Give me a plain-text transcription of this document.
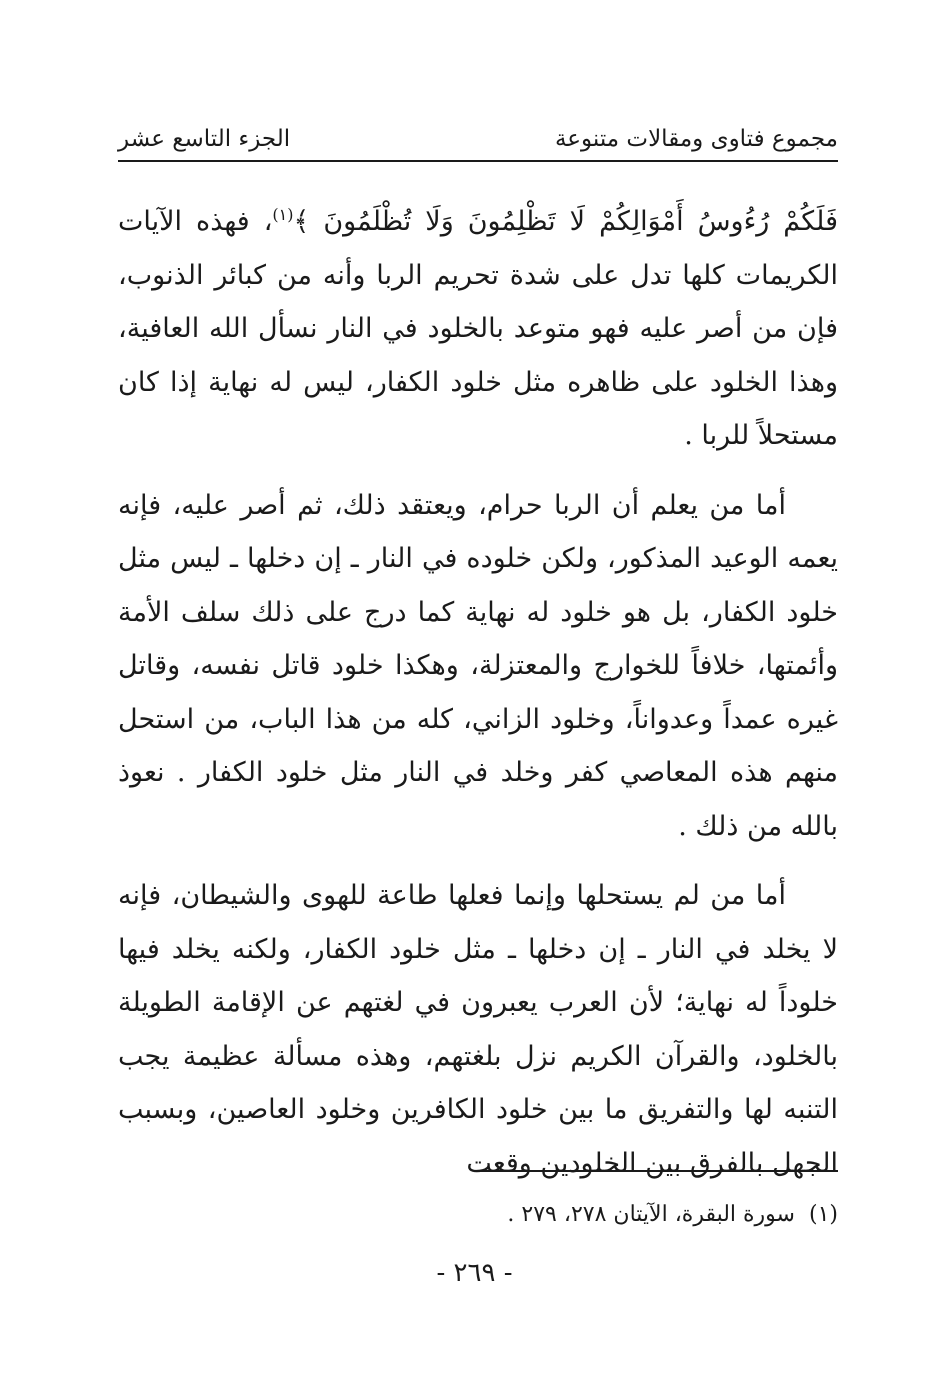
مجموع فتاوى ومقالات متنوعة
الجزء التاسع عشر

فَلَكُمْ رُءُوسُ أَمْوَالِكُمْ لَا تَظْلِمُونَ وَلَا تُظْلَمُونَ ﴾$^{(١)}$، فهذه الآيات الكريمات كلها تدل على شدة تحريم الربا وأنه من كبائر الذنوب، فإن من أصر عليه فهو متوعد بالخلود في النار نسأل الله العافية، وهذا الخلود على ظاهره مثل خلود الكفار، ليس له نهاية إذا كان مستحلاً للربا .

أما من يعلم أن الربا حرام، ويعتقد ذلك، ثم أصر عليه، فإنه يعمه الوعيد المذكور، ولكن خلوده في النار ـ إن دخلها ـ ليس مثل خلود الكفار، بل هو خلود له نهاية كما درج على ذلك سلف الأمة وأئمتها، خلافاً للخوارج والمعتزلة، وهكذا خلود قاتل نفسه، وقاتل غيره عمداً وعدواناً، وخلود الزاني، كله من هذا الباب، من استحل منهم هذه المعاصي كفر وخلد في النار مثل خلود الكفار . نعوذ بالله من ذلك .

أما من لم يستحلها وإنما فعلها طاعة للهوى والشيطان، فإنه لا يخلد في النار ـ إن دخلها ـ مثل خلود الكفار، ولكنه يخلد فيها خلوداً له نهاية؛ لأن العرب يعبرون في لغتهم عن الإقامة الطويلة بالخلود، والقرآن الكريم نزل بلغتهم، وهذه مسألة عظيمة يجب التنبه لها والتفريق ما بين خلود الكافرين وخلود العاصين، وبسبب الجهل بالفرق بين الخلودين وقعت

(١)  سورة البقرة، الآيتان ٢٧٨، ٢٧٩ .
- ٢٦٩ -
